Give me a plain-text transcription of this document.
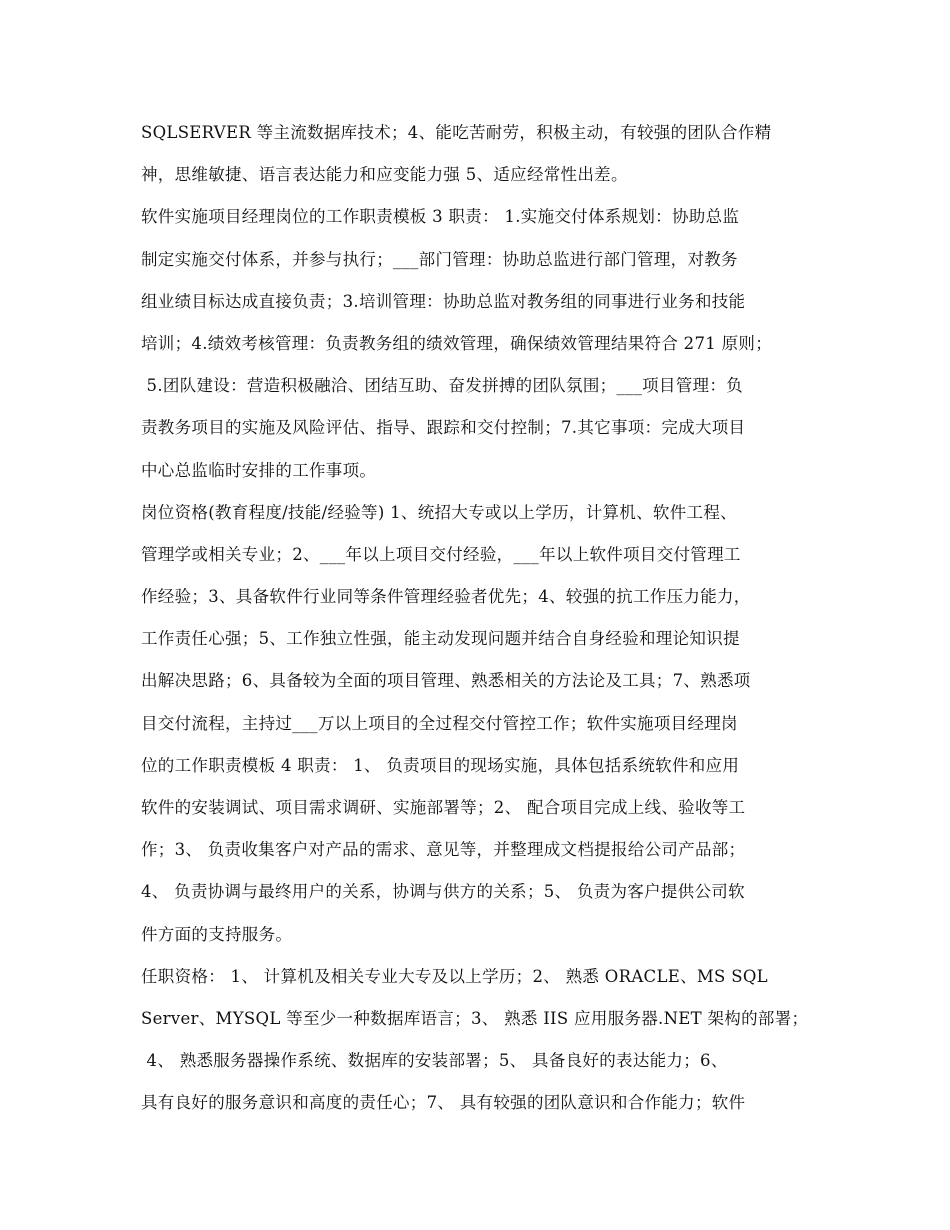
SQLSERVER 等主流数据库技术；4、能吃苦耐劳，积极主动，有较强的团队合作精
神，思维敏捷、语言表达能力和应变能力强 5、适应经常性出差。
软件实施项目经理岗位的工作职责模板 3 职责： 1.实施交付体系规划：协助总监
制定实施交付体系，并参与执行；___部门管理：协助总监进行部门管理，对教务
组业绩目标达成直接负责；3.培训管理：协助总监对教务组的同事进行业务和技能
培训；4.绩效考核管理：负责教务组的绩效管理，确保绩效管理结果符合 271 原则；
5.团队建设：营造积极融洽、团结互助、奋发拼搏的团队氛围；___项目管理：负
责教务项目的实施及风险评估、指导、跟踪和交付控制；7.其它事项：完成大项目
中心总监临时安排的工作事项。
岗位资格(教育程度/技能/经验等) 1、统招大专或以上学历，计算机、软件工程、
管理学或相关专业；2、___年以上项目交付经验，___年以上软件项目交付管理工
作经验；3、具备软件行业同等条件管理经验者优先；4、较强的抗工作压力能力，
工作责任心强；5、工作独立性强，能主动发现问题并结合自身经验和理论知识提
出解决思路；6、具备较为全面的项目管理、熟悉相关的方法论及工具；7、熟悉项
目交付流程，主持过___万以上项目的全过程交付管控工作；软件实施项目经理岗
位的工作职责模板 4 职责： 1、 负责项目的现场实施，具体包括系统软件和应用
软件的安装调试、项目需求调研、实施部署等；2、 配合项目完成上线、验收等工
作；3、 负责收集客户对产品的需求、意见等，并整理成文档提报给公司产品部；
4、 负责协调与最终用户的关系，协调与供方的关系；5、 负责为客户提供公司软
件方面的支持服务。
任职资格： 1、 计算机及相关专业大专及以上学历；2、 熟悉 ORACLE、MS SQL
Server、MYSQL 等至少一种数据库语言；3、 熟悉 IIS 应用服务器.NET 架构的部署；
4、 熟悉服务器操作系统、数据库的安装部署；5、 具备良好的表达能力；6、
具有良好的服务意识和高度的责任心；7、 具有较强的团队意识和合作能力；软件
